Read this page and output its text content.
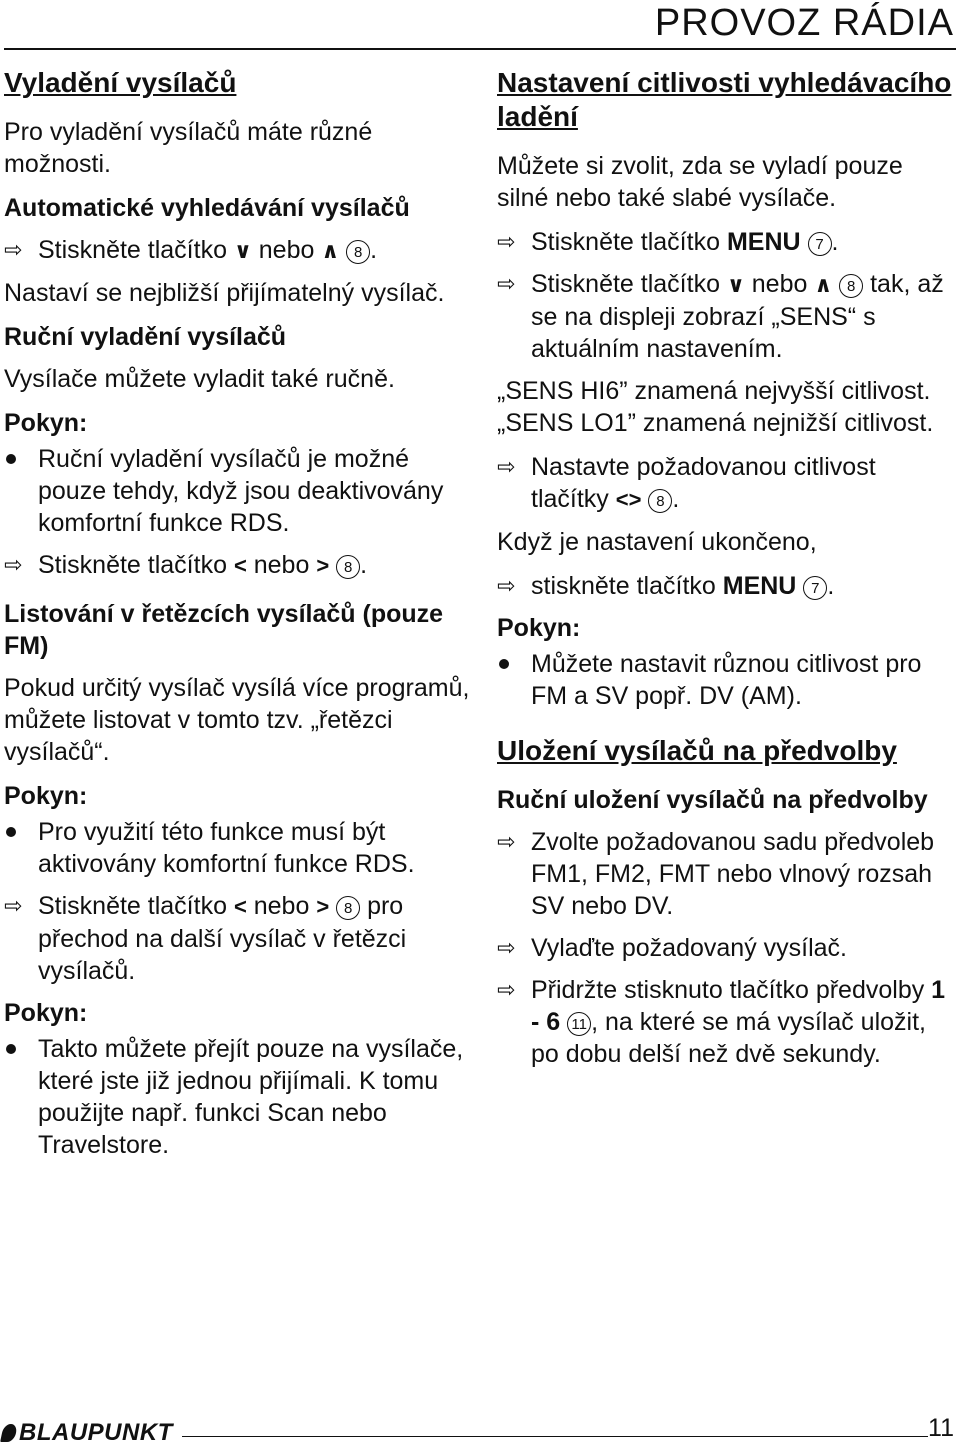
PROVOZ RÁDIA
Vyladění vysílačů
Pro vyladění vysílačů máte různé možnosti.
Automatické vyhledávání vysílačů
⇨ Stiskněte tlačítko ∨ nebo ∧ 8 .
Nastaví se nejbližší přijímatelný vysílač.
Ruční vyladění vysílačů
Vysílače můžete vyladit také ručně.
Pokyn:
Ruční vyladění vysílačů je možné pouze tehdy, když jsou deaktivovány komfortní funkce RDS.
⇨ Stiskněte tlačítko < nebo > 8 .
Listování v řetězcích vysílačů (pouze FM)
Pokud určitý vysílač vysílá více programů, můžete listovat v tomto tzv. „řetězci vysílačů“.
Pokyn:
Pro využití této funkce musí být aktivovány komfortní funkce RDS.
⇨ Stiskněte tlačítko < nebo > 8 pro přechod na další vysílač v řetězci vysílačů.
Pokyn:
Takto můžete přejít pouze na vysílače, které jste již jednou přijímali. K tomu použijte např. funkci Scan nebo Travelstore.
Nastavení citlivosti vyhledávacího ladění
Můžete si zvolit, zda se vyladí pouze silné nebo také slabé vysílače.
⇨ Stiskněte tlačítko MENU 7 .
⇨ Stiskněte tlačítko ∨ nebo ∧ 8 tak, až se na displeji zobrazí „SENS“ s aktuálním nastavením.
„SENS HI6” znamená nejvyšší citlivost.
„SENS LO1” znamená nejnižší citlivost.
⇨ Nastavte požadovanou citlivost tlačítky <> 8 .
Když je nastavení ukončeno,
⇨ stiskněte tlačítko MENU 7 .
Pokyn:
Můžete nastavit různou citlivost pro FM a SV popř. DV (AM).
Uložení vysílačů na předvolby
Ruční uložení vysílačů na předvolby
⇨ Zvolte požadovanou sadu předvoleb FM1, FM2, FMT nebo vlnový rozsah SV nebo DV.
⇨ Vylaďte požadovaný vysílač.
⇨ Přidržte stisknuto tlačítko předvolby 1 - 6 11 , na které se má vysílač uložit, po dobu delší než dvě sekundy.
BLAUPUNKT	11
